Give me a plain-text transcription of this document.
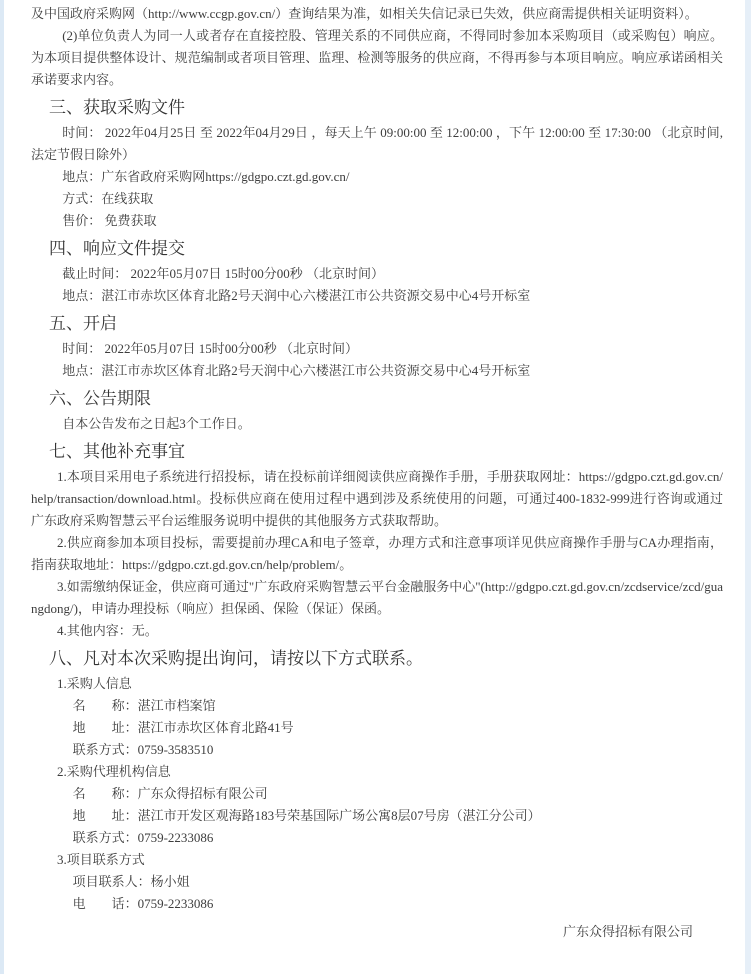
及中国政府采购网（http://www.ccgp.gov.cn/）查询结果为准，如相关失信记录已失效，供应商需提供相关证明资料）。

(2)单位负责人为同一人或者存在直接控股、管理关系的不同供应商，不得同时参加本采购项目（或采购包）响应。为本项目提供整体设计、规范编制或者项目管理、监理、检测等服务的供应商，不得再参与本项目响应。响应承诺函相关承诺要求内容。

三、获取采购文件

时间： 2022年04月25日 至 2022年04月29日 ，每天上午 09:00:00 至 12:00:00 ，下午 12:00:00 至 17:30:00 （北京时间,法定节假日除外）

地点：广东省政府采购网https://gdgpo.czt.gd.gov.cn/

方式：在线获取

售价： 免费获取

四、响应文件提交

截止时间： 2022年05月07日 15时00分00秒 （北京时间）

地点：湛江市赤坎区体育北路2号天润中心六楼湛江市公共资源交易中心4号开标室

五、开启

时间： 2022年05月07日 15时00分00秒 （北京时间）

地点：湛江市赤坎区体育北路2号天润中心六楼湛江市公共资源交易中心4号开标室

六、公告期限

自本公告发布之日起3个工作日。

七、其他补充事宜

1.本项目采用电子系统进行招投标，请在投标前详细阅读供应商操作手册，手册获取网址：https://gdgpo.czt.gd.gov.cn/help/transaction/download.html。投标供应商在使用过程中遇到涉及系统使用的问题，可通过400-1832-999进行咨询或通过广东政府采购智慧云平台运维服务说明中提供的其他服务方式获取帮助。

2.供应商参加本项目投标，需要提前办理CA和电子签章，办理方式和注意事项详见供应商操作手册与CA办理指南，指南获取地址：https://gdgpo.czt.gd.gov.cn/help/problem/。

3.如需缴纳保证金，供应商可通过"广东政府采购智慧云平台金融服务中心"(http://gdgpo.czt.gd.gov.cn/zcdservice/zcd/guangdong/)，申请办理投标（响应）担保函、保险（保证）保函。

4.其他内容：无。

八、凡对本次采购提出询问，请按以下方式联系。

1.采购人信息

名　　称：湛江市档案馆

地　　址：湛江市赤坎区体育北路41号

联系方式：0759-3583510

2.采购代理机构信息

名　　称：广东众得招标有限公司

地　　址：湛江市开发区观海路183号荣基国际广场公寓8层07号房（湛江分公司）

联系方式：0759-2233086

3.项目联系方式

项目联系人：杨小姐

电　　话：0759-2233086

广东众得招标有限公司
